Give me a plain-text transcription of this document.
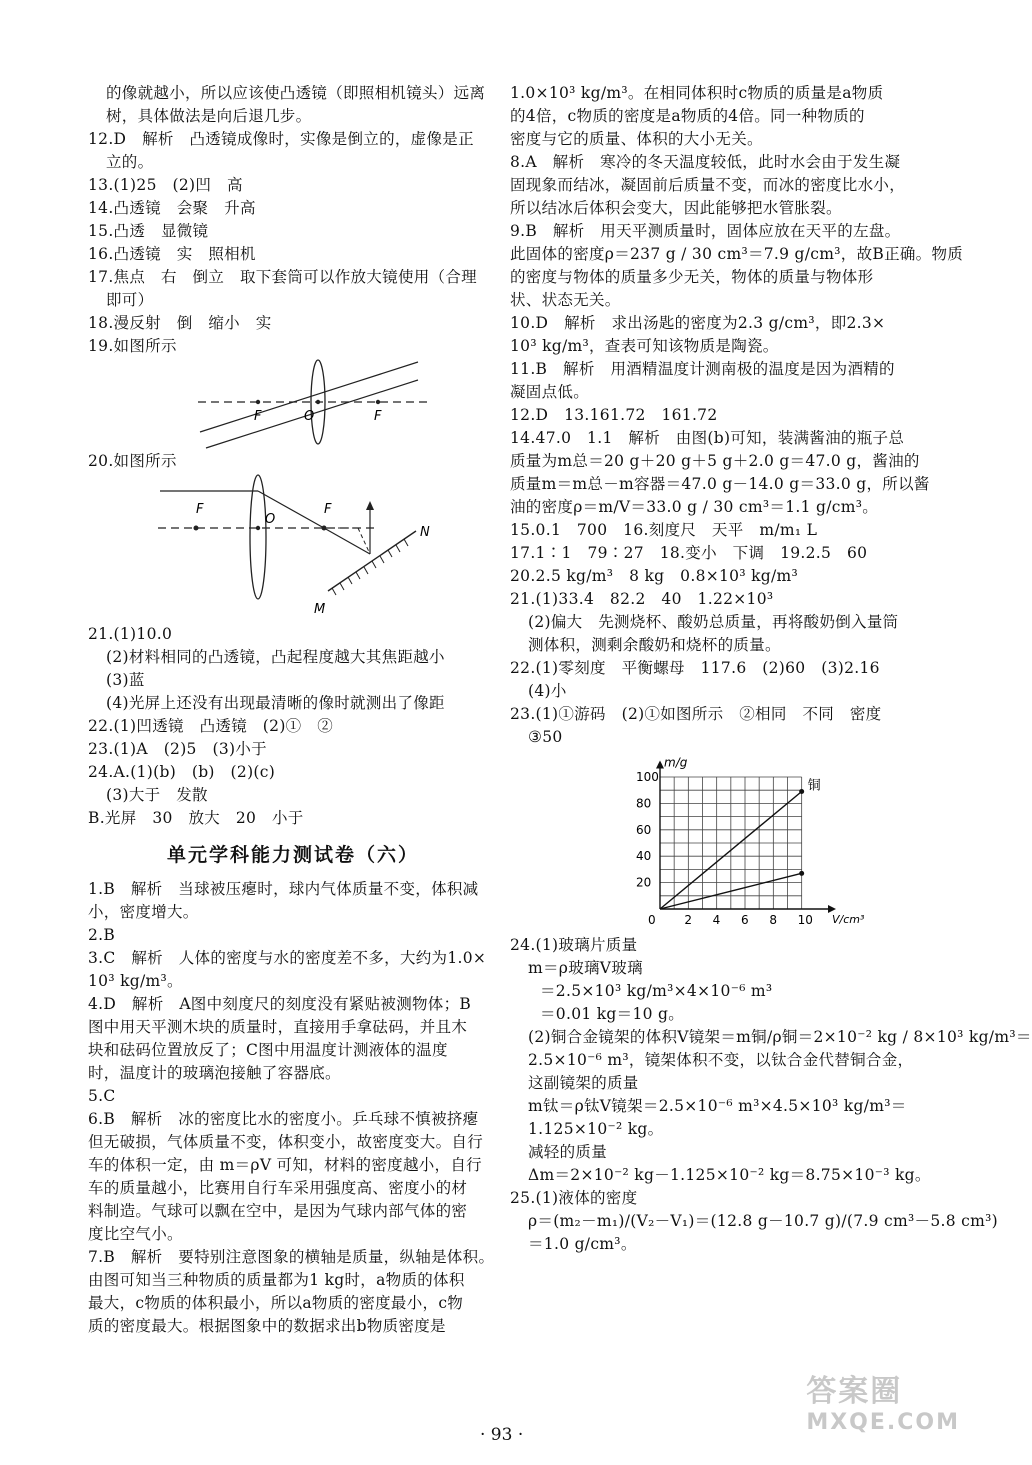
的像就越小，所以应该使凸透镜（即照相机镜头）远离
树，具体做法是向后退几步。
12.D　解析　凸透镜成像时，实像是倒立的，虚像是正
立的。
13.(1)25　(2)凹　高
14.凸透镜　会聚　升高
15.凸透　显微镜
16.凸透镜　实　照相机
17.焦点　右　倒立　取下套筒可以作放大镜使用（合理
即可）
18.漫反射　倒　缩小　实
19.如图所示
F	O	F
20.如图所示
F
O
F
N
M
21.(1)10.0
(2)材料相同的凸透镜，凸起程度越大其焦距越小
(3)蓝
(4)光屏上还没有出现最清晰的像时就测出了像距
22.(1)凹透镜　凸透镜　(2)①　②
23.(1)A　(2)5　(3)小于
24.A.(1)(b)　(b)　(2)(c)
(3)大于　发散
B.光屏　30　放大　20　小于
单元学科能力测试卷（六）
1.B　解析　当球被压瘪时，球内气体质量不变，体积减
小，密度增大。
2.B
3.C　解析　人体的密度与水的密度差不多，大约为1.0×
10³ kg/m³。
4.D　解析　A图中刻度尺的刻度没有紧贴被测物体；B
图中用天平测木块的质量时，直接用手拿砝码，并且木
块和砝码位置放反了；C图中用温度计测液体的温度
时，温度计的玻璃泡接触了容器底。
5.C
6.B　解析　冰的密度比水的密度小。乒乓球不慎被挤瘪
但无破损，气体质量不变，体积变小，故密度变大。自行
车的体积一定，由 m＝ρV 可知，材料的密度越小，自行
车的质量越小，比赛用自行车采用强度高、密度小的材
料制造。气球可以飘在空中，是因为气球内部气体的密
度比空气小。
7.B　解析　要特别注意图象的横轴是质量，纵轴是体积。
由图可知当三种物质的质量都为1 kg时，a物质的体积
最大，c物质的体积最小，所以a物质的密度最小，c物
质的密度最大。根据图象中的数据求出b物质密度是
1.0×10³ kg/m³。在相同体积时c物质的质量是a物质
的4倍，c物质的密度是a物质的4倍。同一种物质的
密度与它的质量、体积的大小无关。
8.A　解析　寒冷的冬天温度较低，此时水会由于发生凝
固现象而结冰，凝固前后质量不变，而冰的密度比水小，
所以结冰后体积会变大，因此能够把水管胀裂。
9.B　解析　用天平测质量时，固体应放在天平的左盘。
此固体的密度ρ＝237 g / 30 cm³＝7.9 g/cm³，故B正确。物质
的密度与物体的质量多少无关，物体的质量与物体形
状、状态无关。
10.D　解析　求出汤匙的密度为2.3 g/cm³，即2.3×
10³ kg/m³，查表可知该物质是陶瓷。
11.B　解析　用酒精温度计测南极的温度是因为酒精的
凝固点低。
12.D　13.161.72　161.72
14.47.0　1.1　解析　由图(b)可知，装满酱油的瓶子总
质量为m总＝20 g＋20 g＋5 g＋2.0 g＝47.0 g，酱油的
质量m＝m总－m容器＝47.0 g－14.0 g＝33.0 g，所以酱
油的密度ρ＝m/V＝33.0 g / 30 cm³＝1.1 g/cm³。
15.0.1　700　16.刻度尺　天平　m/m₁ L
17.1∶1　79∶27　18.变小　下调　19.2.5　60
20.2.5 kg/m³　8 kg　0.8×10³ kg/m³
21.(1)33.4　82.2　40　1.22×10³
(2)偏大　先测烧杯、酸奶总质量，再将酸奶倒入量筒
测体积，测剩余酸奶和烧杯的质量。
22.(1)零刻度　平衡螺母　117.6　(2)60　(3)2.16
(4)小
23.(1)①游码　(2)①如图所示　②相同　不同　密度
③50
2 4 6 8 10
20
40
60
80
100
0	V/cm³
m/g
铜
24.(1)玻璃片质量
m＝ρ玻璃V玻璃
＝2.5×10³ kg/m³×4×10⁻⁶ m³
＝0.01 kg＝10 g。
(2)铜合金镜架的体积V镜架＝m铜/ρ铜＝2×10⁻² kg / 8×10³ kg/m³＝
2.5×10⁻⁶ m³，镜架体积不变，以钛合金代替铜合金，
这副镜架的质量
m钛＝ρ钛V镜架＝2.5×10⁻⁶ m³×4.5×10³ kg/m³＝
1.125×10⁻² kg。
减轻的质量
Δm＝2×10⁻² kg－1.125×10⁻² kg＝8.75×10⁻³ kg。
25.(1)液体的密度
ρ＝(m₂－m₁)/(V₂－V₁)＝(12.8 g－10.7 g)/(7.9 cm³－5.8 cm³)
＝1.0 g/cm³。
· 93 ·
答案圈
MXQE.COM
